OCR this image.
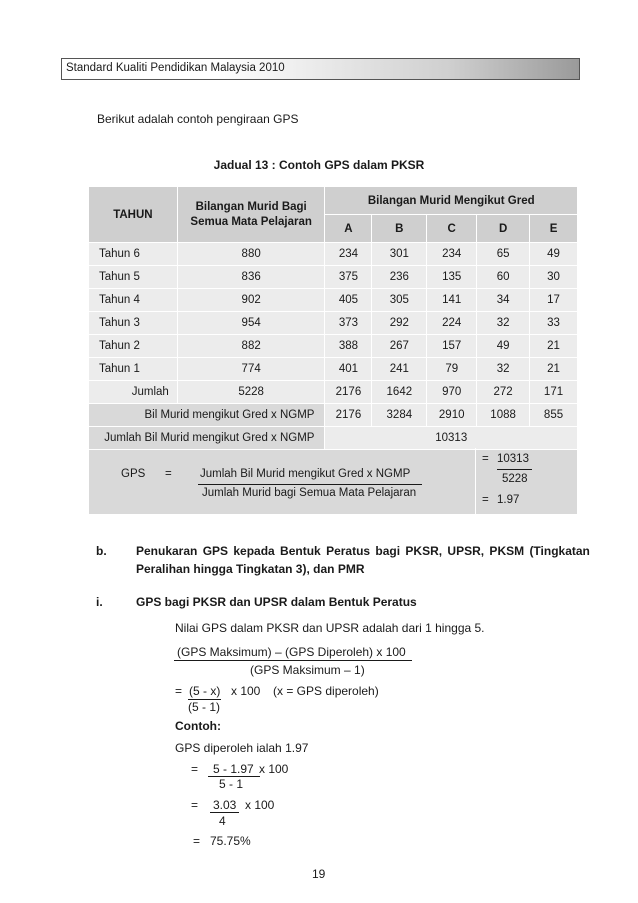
Standard Kualiti Pendidikan Malaysia 2010
Berikut adalah contoh pengiraan GPS
Jadual 13 : Contoh GPS dalam PKSR
TAHUN	Bilangan Murid Bagi Semua Mata Pelajaran	Bilangan Murid Mengikut Gred				
		A	B	C	D	E
Tahun 6	880	234	301	234	65	49
Tahun 5	836	375	236	135	60	30
Tahun 4	902	405	305	141	34	17
Tahun 3	954	373	292	224	32	33
Tahun 2	882	388	267	157	49	21
Tahun 1	774	401	241	79	32	21
Jumlah	5228	2176	1642	970	272	171
Bil Murid mengikut Gred x NGMP		2176	3284	2910	1088	855
Jumlah Bil Murid mengikut Gred x NGMP		10313				

GPS = Jumlah Bil Murid mengikut Gred x NGMP
Jumlah Murid bagi Semua Mata Pelajaran
= 10313
5228
= 1.97
b. Penukaran GPS kepada Bentuk Peratus bagi PKSR, UPSR, PKSM (Tingkatan
Peralihan hingga Tingkatan 3), dan PMR
i.	GPS bagi PKSR dan UPSR dalam Bentuk Peratus
Nilai GPS dalam PKSR dan UPSR adalah dari 1 hingga 5.
(GPS Maksimum) – (GPS Diperoleh) x 100
(GPS Maksimum – 1)
= (5 - x) x 100 (x = GPS diperoleh)
(5 - 1)
Contoh:
GPS diperoleh ialah 1.97
= 5 - 1.97 x 100
5 - 1
= 3.03 x 100
4
= 75.75%
19
